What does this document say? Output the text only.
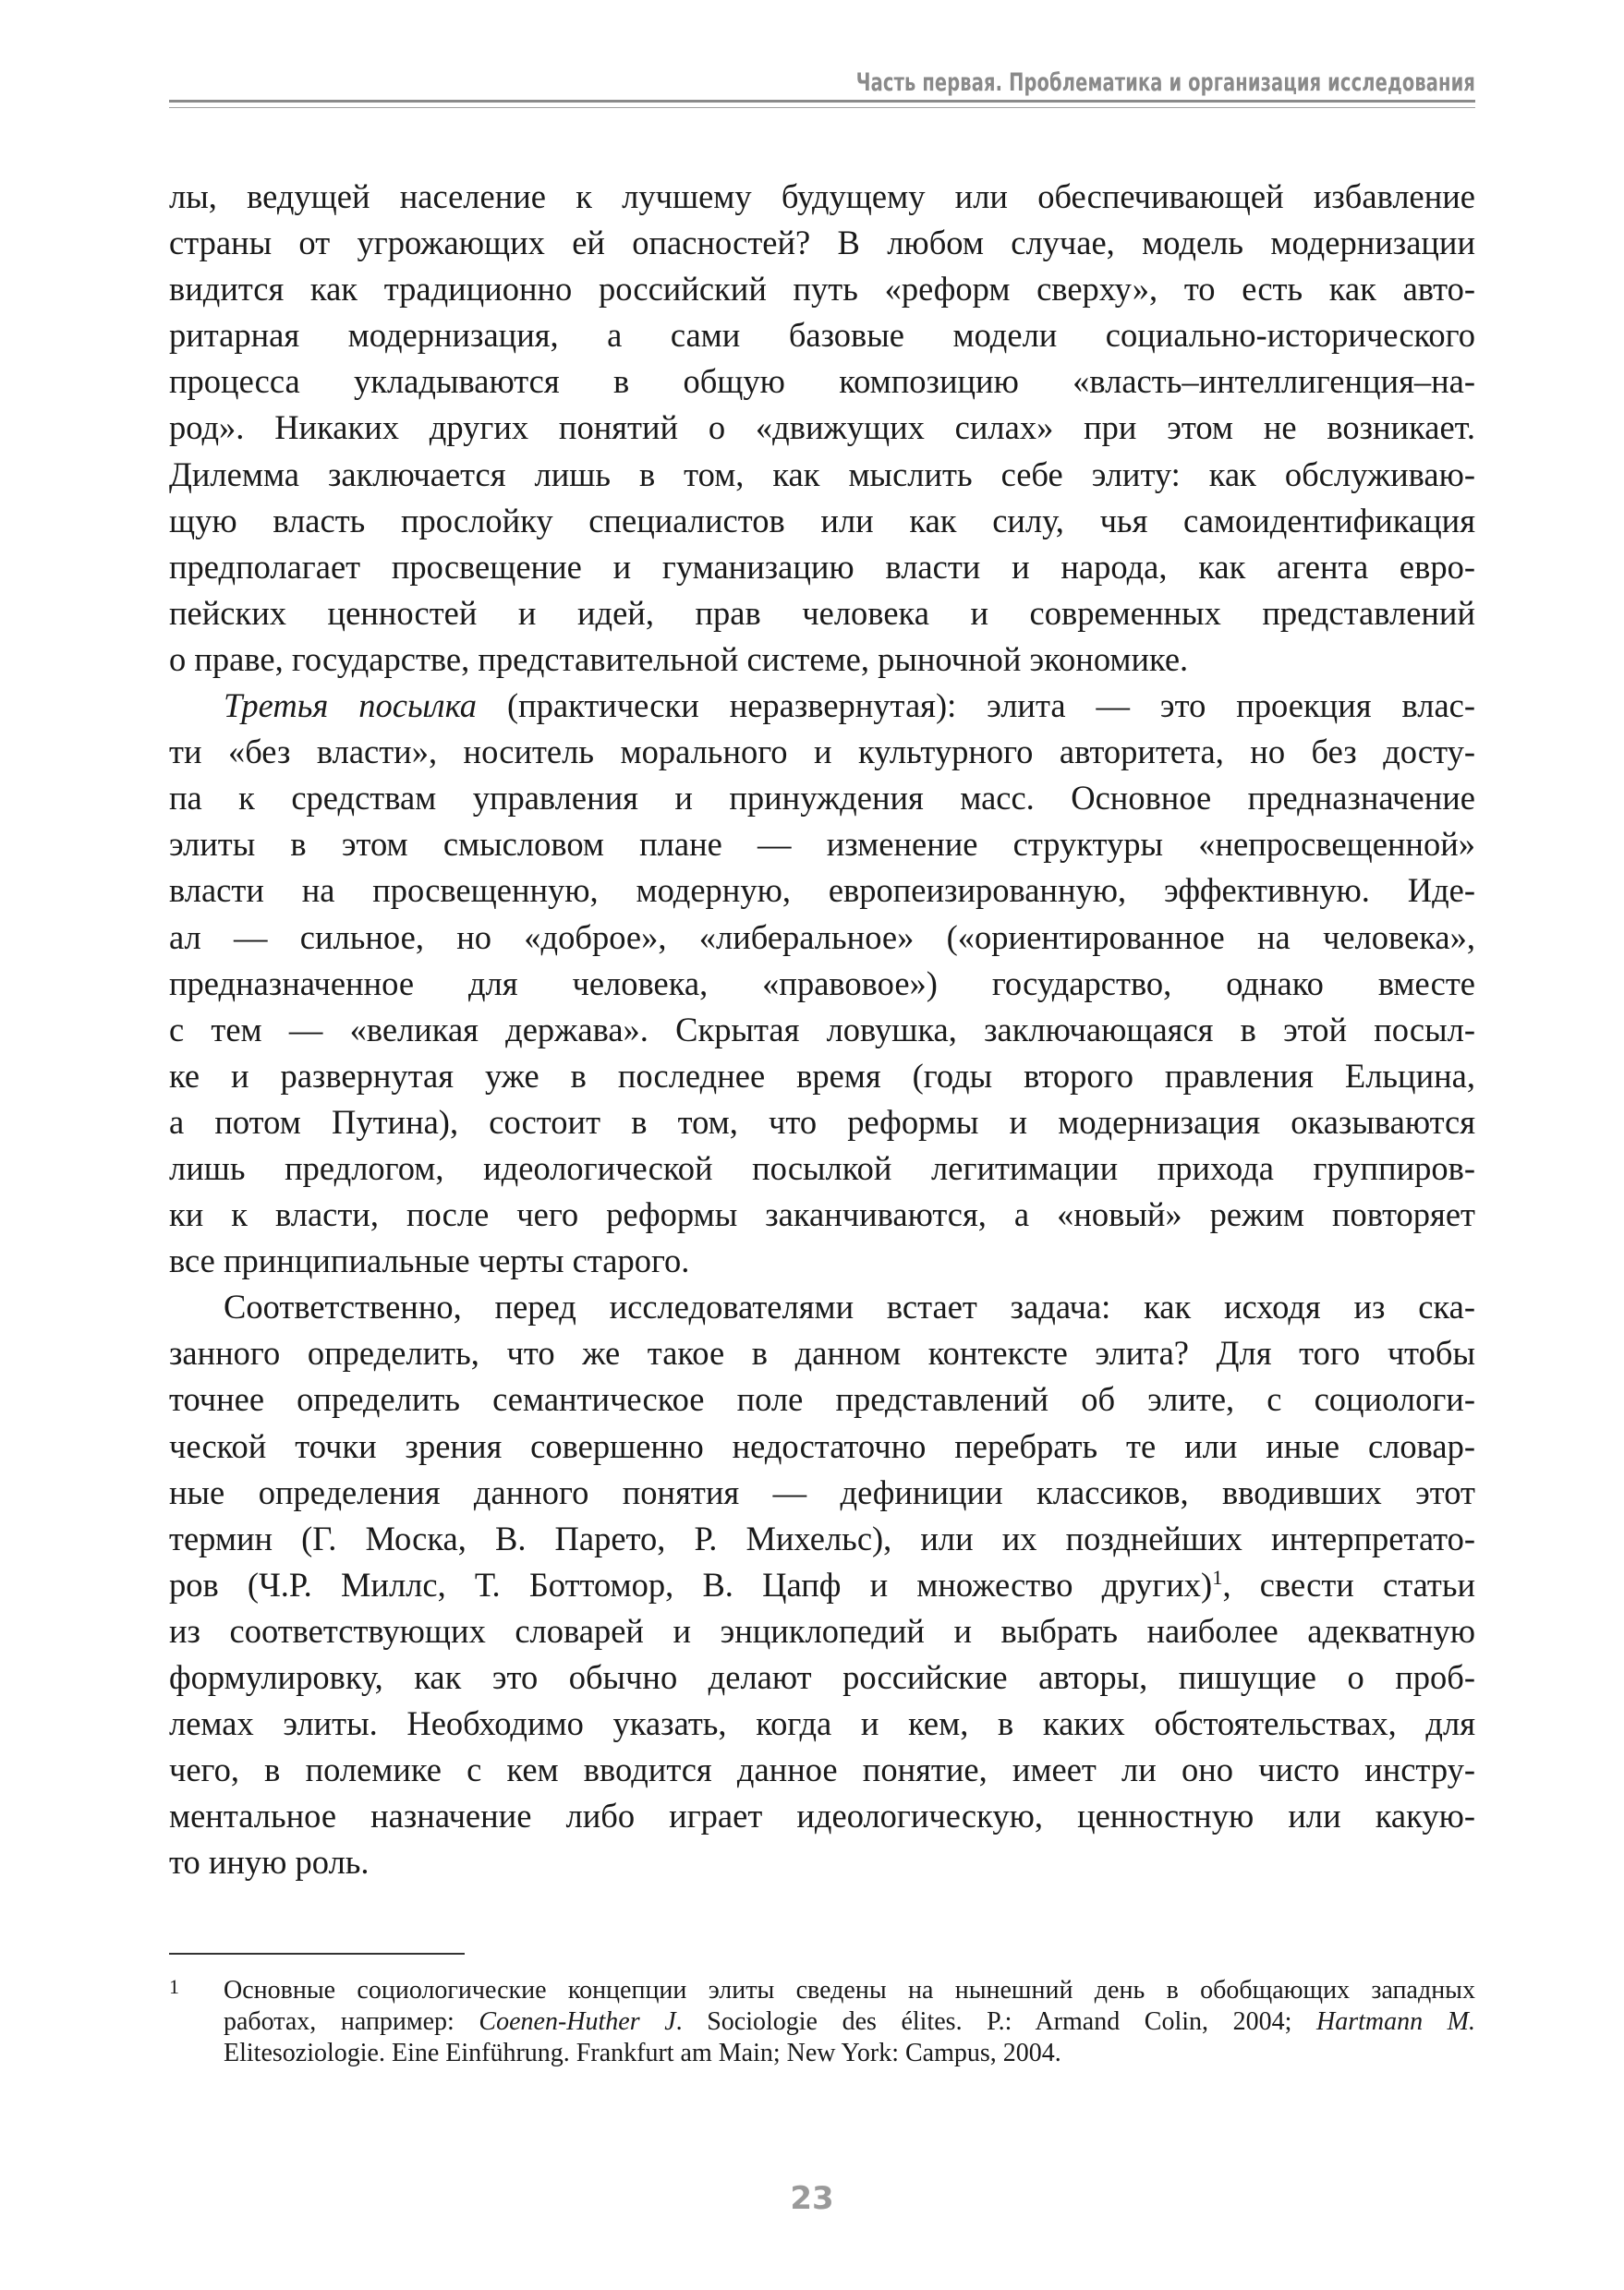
Часть первая. Проблематика и организация исследования
лы, ведущей население к лучшему будущему или обеспечивающей избавление
страны от угрожающих ей опасностей? В любом случае, модель модернизации
видится как традиционно российский путь «реформ сверху», то есть как авто-
ритарная модернизация, а сами базовые модели социально-исторического
процесса укладываются в общую композицию «власть–интеллигенция–на-
род». Никаких других понятий о «движущих силах» при этом не возникает.
Дилемма заключается лишь в том, как мыслить себе элиту: как обслуживаю-
щую власть прослойку специалистов или как силу, чья самоидентификация
предполагает просвещение и гуманизацию власти и народа, как агента евро-
пейских ценностей и идей, прав человека и современных представлений
о праве, государстве, представительной системе, рыночной экономике.
Третья посылка (практически неразвернутая): элита — это проекция влас-
ти «без власти», носитель морального и культурного авторитета, но без досту-
па к средствам управления и принуждения масс. Основное предназначение
элиты в этом смысловом плане — изменение структуры «непросвещенной»
власти на просвещенную, модерную, европеизированную, эффективную. Иде-
ал — сильное, но «доброе», «либеральное» («ориентированное на человека»,
предназначенное для человека, «правовое») государство, однако вместе
с тем — «великая держава». Скрытая ловушка, заключающаяся в этой посыл-
ке и развернутая уже в последнее время (годы второго правления Ельцина,
а потом Путина), состоит в том, что реформы и модернизация оказываются
лишь предлогом, идеологической посылкой легитимации прихода группиров-
ки к власти, после чего реформы заканчиваются, а «новый» режим повторяет
все принципиальные черты старого.
Соответственно, перед исследователями встает задача: как исходя из ска-
занного определить, что же такое в данном контексте элита? Для того чтобы
точнее определить семантическое поле представлений об элите, с социологи-
ческой точки зрения совершенно недостаточно перебрать те или иные словар-
ные определения данного понятия — дефиниции классиков, вводивших этот
термин (Г. Моска, В. Парето, Р. Михельс), или их позднейших интерпретато-
ров (Ч.Р. Миллс, Т. Боттомор, В. Цапф и множество других)$^1$, свести статьи
из соответствующих словарей и энциклопедий и выбрать наиболее адекватную
формулировку, как это обычно делают российские авторы, пишущие о проб-
лемах элиты. Необходимо указать, когда и кем, в каких обстоятельствах, для
чего, в полемике с кем вводится данное понятие, имеет ли оно чисто инстру-
ментальное назначение либо играет идеологическую, ценностную или какую-
то иную роль.
1 Основные социологические концепции элиты сведены на нынешний день в обобщающих западных
работах, например: Coenen-Huther J. Sociologie des élites. P.: Armand Colin, 2004; Hartmann M.
Elitesoziologie. Eine Einführung. Frankfurt am Main; New York: Campus, 2004.
23
